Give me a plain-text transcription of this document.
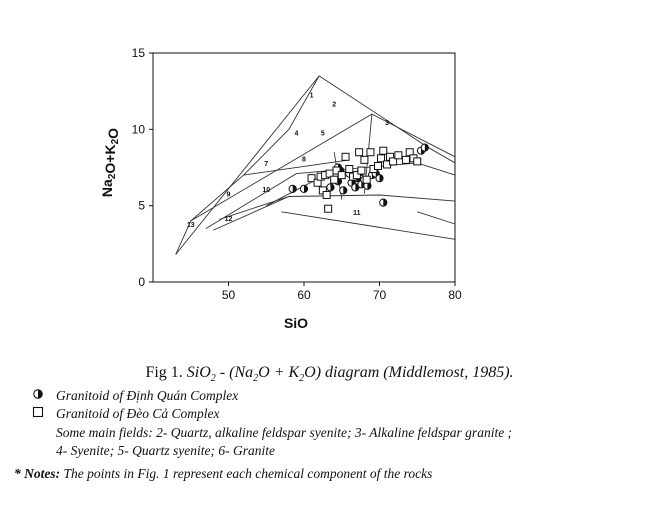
1
2
3
4	5
7
8
9
10
11
12
13
50	60	70	80
0
5
10
15
SiO
$Na_2O+K_2O$
Fig 1. $SiO_2 - (Na_2O + K_2O)$ diagram (Middlemost, 1985).
Granitoid of Định Quán Complex
Granitoid of Đèo Cả Complex
Some main fields: 2- Quartz, alkaline feldspar syenite; 3- Alkaline feldspar granite ;
4- Syenite; 5- Quartz syenite; 6- Granite
* Notes: The points in Fig. 1 represent each chemical component of the rocks
